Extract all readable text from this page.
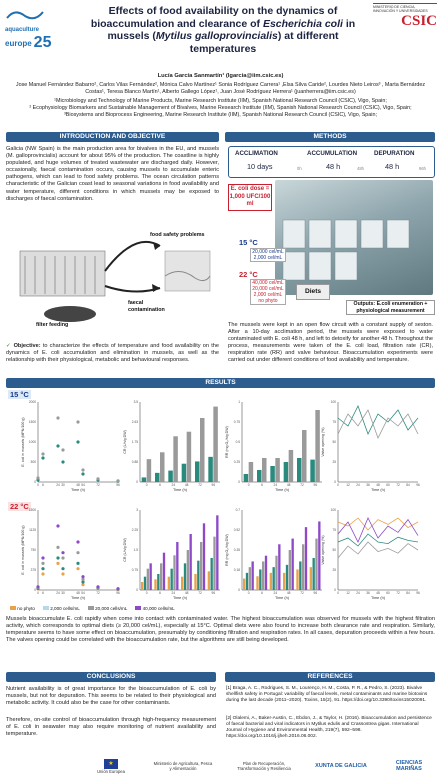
aquaculture
europe 25
Effects of food availability on the dynamics of bioaccumulation and clearance of Escherichia coli in mussels (Mytilus galloprovincialis) at different temperatures
MINISTERIO DE CIENCIA, INNOVACIÓN Y UNIVERSIDADES
CSIC
Lucía García Sanmartín¹ (lgarcia@iim.csic.es)
Jose Manuel Fernández Babarro², Carlos Vilas Fernández², Mónica Calvo Martínez¹ Sonia Rodríguez Carrera¹ ,Elsa Silva Caride², Lourdes Nieto Leiros³ , Marta Bernárdez Costas¹, Teresa Blanco Martín¹, Alberto Gallego López¹, Juan José Rodríguez Herrera¹ (juanherrera@iim.csic.es)
¹Microbiology and Technology of Marine Products, Marine Research Institute (IIM), Spanish National Research Council (CSIC), Vigo, Spain;
² Ecophysiology Biomarkers and Sustainable Management of Bivalves, Marine Research Institute (IIM), Spanish National Research Council (CSIC), Vigo, Spain;
³Biosystems and Bioprocess Engineering, Marine Research Institute (IIM), Spanish National Research Council (CSIC), Vigo, Spain;
INTRODUCTION AND OBJECTIVE
Galicia (NW Spain) is the main production area for bivalves in the EU, and mussels (M. galloprovincialis) account for about 95% of the production. The coastline is highly populated, and huge volumes of treated wastewater are discharged daily. However, occasionally, faecal contamination occurs, causing mussels to accumulate enteric pathogens, which can lead to food safety problems. The ocean circulation patterns characteristic of the Galician coast lead to seasonal variations in food availability and water temperature, different conditions in which mussels may be exposed to discharges of faecal contamination.
food safety problems
faecal contamination
filter feeding
✓ Objective: to characterize the effects of temperature and food availability on the dynamics of E. coli accumulation and elimination in mussels, as well as the relationship with their physiological, metabolic and behavioural responses.
METHODS
ACCLIMATION	ACCUMULATION	DEPURATION
10 days	48 h	48 h
0h	48h	96h
E. coli dose = 1,000 UFC/100 ml
15 °C
20,000 cel/mL
2,000 cel/mL
22 °C
40,000 cel/mL
20,000 cel/mL
2,000 cel/mL
no phyto
Diets
Outputs: E.coli enumeration + physiological measurement
The mussels were kept in an open flow circuit with a constant supply of seston. After a 10-day acclimation period, the mussels were exposed to water contaminated with E. coli 48 h, and left to detoxify for another 48 h. Throughout the process, measurements were taken of the E. coli load, filtration rate (CR), respiration rate (RR) and valve behaviour. Bioaccumulation experiments were carried out under different conditions of food availability and temperature.
RESULTS
15 °C
22 °C
E. coli in mussels (MPN/100 g)
Time (h)
0
500
1000
1500
2000
0 6	24 30	48 54	72	96
CR (L/h/g DW)
Time (h)
0
0.88
1.75
2.63
3.5
0	6	24	48	72	96
RR (mg O₂/h/g DW)
Time (h)
0
0.25
0.5
0.75
1
0	6	24	48	72	96
Valve opening (%)
Time (h)
0
25
50
75
100
0 12 24 36 48 60 72 84 96
E. coli in mussels (MPN/100 g)
Time (h)
0
375
750
1125
1500
0 6	24 30	48 54	72	96
CR (L/h/g DW)
Time (h)
0
0.75
1.5
2.25
3
0	6	24	48	72	96
RR (mg O₂/h/g DW)
Time (h)
0
0.18
0.35
0.52
0.7
0	6	24	48	72	96
Valve opening (%)
Time (h)
0
25
50
75
100
0 12 24 36 48 60 72 84 96
no phyto	2,000 cells/mL	20,000 cells/mL	40,000 cells/mL
Mussels bioaccumulate E. coli rapidly when come into contact with contaminated water. The highest bioaccumulation was observed for mussels with the highest filtration activity, which corresponds to optimal diets (≥ 20,000 cel/mL), especially at 15°C. Optimal diets were also found to increase both clearance rate and respiration. Similarly, temperature seems to have some effect on bioaccumulation, presumably by conditioning filtration and respiration rates. In all cases, depuration proceeds within a few hours. The valves opening could be correlated with the bioaccumulation rate, but the algorithms are still being developed.
CONCLUSIONS
Nutrient availability is of great importance for the bioaccumulation of E. coli by mussels, but not for depuration. This seems to be related to their physiological and metabolic activity. It could also be the case for other contaminants.
Therefore, on-site control of bioaccumulation through high-frequency measurement of E. coli in seawater may also require monitoring of nutrient availability and temperature.
REFERENCES
[1] Braga, A. C., Rodrigues, S. M., Lourenço, H. M., Costa, P. R., & Pedro, S. (2023). Bivalve shellfish safety in Portugal: variability of faecal levels, metal contaminants and marine biotoxins during the last decade (2011–2020). Toxins, 15(2), 91. https://doi.org/10.3390/toxins15020091.
[2] Olalemi, A., Baker-Austin, C., Ebdon, J., & Taylor, H. (2016). Bioaccumulation and persistence of faecal bacterial and viral indicators in Mytilus edulis and Crassostrea gigas. International Journal of Hygiene and Environmental Health, 219(7), 592–598. https://doi.org/10.1016/j.ijheh.2016.06.002.
★
Unión Europea
Ministerio de Agricultura, Pesca y Alimentación
Plan de Recuperación, Transformación y Resiliencia	XUNTA DE GALICIA	CIENCIAS MARIÑAS
